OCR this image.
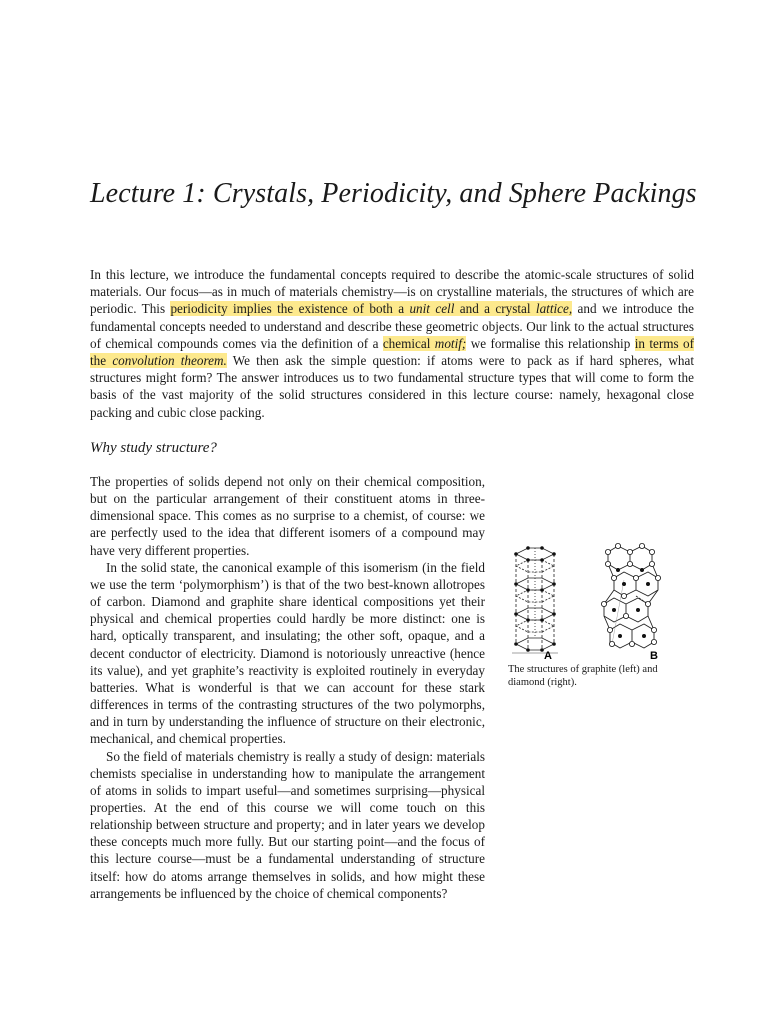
Lecture 1: Crystals, Periodicity, and Sphere Packings

In this lecture, we introduce the fundamental concepts required to describe the atomic-scale structures of solid materials. Our focus—as in much of materials chemistry—is on crystalline materials, the structures of which are periodic. This periodicity implies the existence of both a unit cell and a crystal lattice, and we introduce the fundamental concepts needed to understand and describe these geometric objects. Our link to the actual structures of chemical compounds comes via the definition of a chemical motif; we formalise this relationship in terms of the convolution theorem. We then ask the simple question: if atoms were to pack as if hard spheres, what structures might form? The answer introduces us to two fundamental structure types that will come to form the basis of the vast majority of the solid structures considered in this lecture course: namely, hexagonal close packing and cubic close packing.

Why study structure?

The properties of solids depend not only on their chemical composition, but on the particular arrangement of their constituent atoms in three-dimensional space. This comes as no surprise to a chemist, of course: we are perfectly used to the idea that different isomers of a compound may have very different properties.

In the solid state, the canonical example of this isomerism (in the field we use the term ‘polymorphism’) is that of the two best-known allotropes of carbon. Diamond and graphite share identical compositions yet their physical and chemical properties could hardly be more distinct: one is hard, optically transparent, and insulating; the other soft, opaque, and a decent conductor of electricity. Diamond is notoriously unreactive (hence its value), and yet graphite’s reactivity is exploited routinely in everyday batteries. What is wonderful is that we can account for these stark differences in terms of the contrasting structures of the two polymorphs, and in turn by understanding the influence of structure on their electronic, mechanical, and chemical properties.

So the field of materials chemistry is really a study of design: materials chemists specialise in understanding how to manipulate the arrangement of atoms in solids to impart useful—and sometimes surprising—physical properties. At the end of this course we will come touch on this relationship between structure and property; and in later years we develop these concepts much more fully. But our starting point—and the focus of this lecture course—must be a fundamental understanding of structure itself: how do atoms arrange themselves in solids, and how might these arrangements be influenced by the choice of chemical components?

A	B
The structures of graphite (left) and diamond (right).
